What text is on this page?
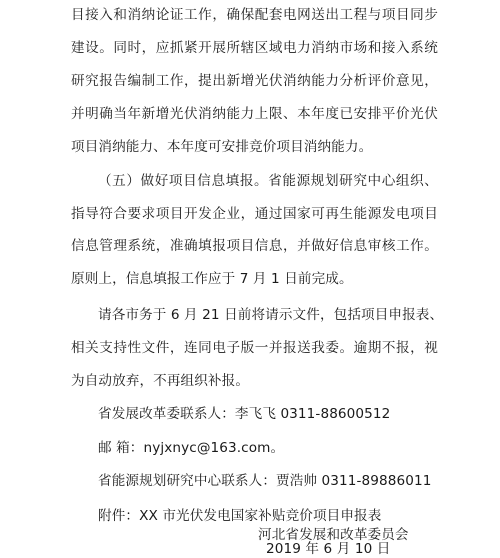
目接入和消纳论证工作，确保配套电网送出工程与项目同步
建设。同时，应抓紧开展所辖区域电力消纳市场和接入系统
研究报告编制工作，提出新增光伏消纳能力分析评价意见，
并明确当年新增光伏消纳能力上限、本年度已安排平价光伏
项目消纳能力、本年度可安排竞价项目消纳能力。
（五）做好项目信息填报。省能源规划研究中心组织、
指导符合要求项目开发企业，通过国家可再生能源发电项目
信息管理系统，准确填报项目信息，并做好信息审核工作。
原则上，信息填报工作应于 7 月 1 日前完成。
请各市务于 6 月 21 日前将请示文件，包括项目申报表、
相关支持性文件，连同电子版一并报送我委。逾期不报，视
为自动放弃，不再组织补报。
省发展改革委联系人：李飞飞 0311-88600512
邮 箱：nyjxnyc@163.com。
省能源规划研究中心联系人：贾浩帅 0311-89886011
附件：XX 市光伏发电国家补贴竞价项目申报表
河北省发展和改革委员会
2019 年 6 月 10 日
